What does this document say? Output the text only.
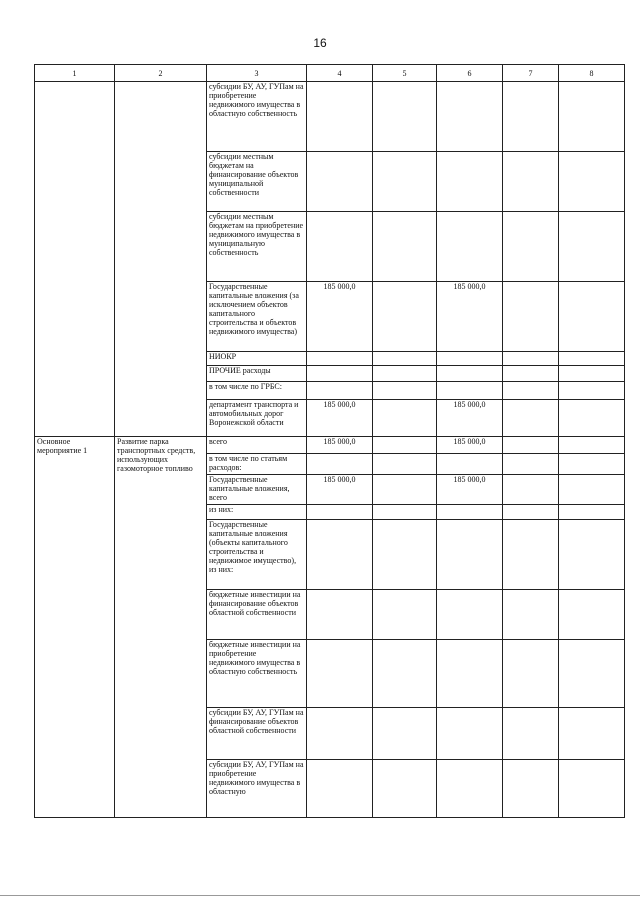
16
1	2	3	4	5	6	7	8
		субсидии БУ, АУ, ГУПам на приобретение недвижимого имущества в областную собственность					
		субсидии местным бюджетам на финансирование объектов муниципальной собственности					
		субсидии местным бюджетам на приобретение недвижимого имущества в муниципальную собственность					
		Государственные капитальные вложения (за исключением объектов капитального строительства и объектов недвижимого имущества)	185 000,0		185 000,0		
		НИОКР					
		ПРОЧИЕ расходы					
		в том числе по ГРБС:					
		департамент транспорта и автомобильных дорог Воронежской области	185 000,0		185 000,0		
Основное мероприятие 1	Развитие парка транспортных средств, использующих газомоторное топливо	всего	185 000,0		185 000,0		
		в том числе по статьям расходов:					
		Государственные капитальные вложения, всего	185 000,0		185 000,0		
		из них:					
		Государственные капитальные вложения (объекты капитального строительства и недвижимое имущество), из них:					
		бюджетные инвестиции на финансирование объектов областной собственности					
		бюджетные инвестиции на приобретение недвижимого имущества в областную собственность					
		субсидии БУ, АУ, ГУПам на финансирование объектов областной собственности					
		субсидии БУ, АУ, ГУПам на приобретение недвижимого имущества в областную					
